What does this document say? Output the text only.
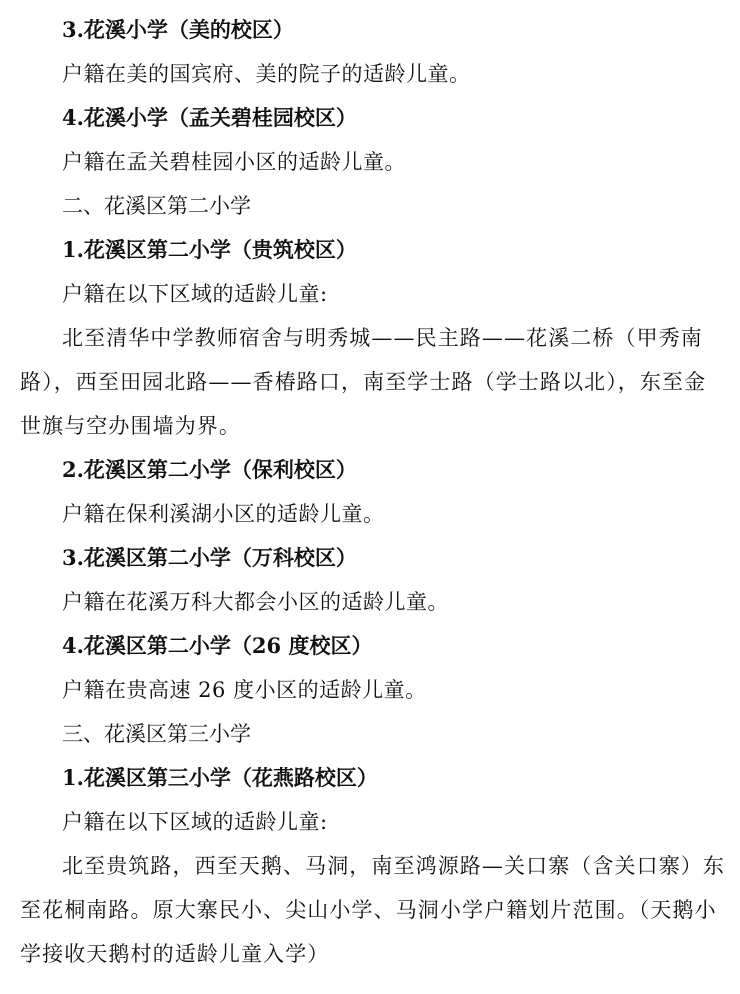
3.花溪小学（美的校区）

户籍在美的国宾府、美的院子的适龄儿童。

4.花溪小学（孟关碧桂园校区）

户籍在孟关碧桂园小区的适龄儿童。

二、花溪区第二小学

1.花溪区第二小学（贵筑校区）

户籍在以下区域的适龄儿童:

北至清华中学教师宿舍与明秀城——民主路——花溪二桥（甲秀南路），西至田园北路——香椿路口，南至学士路（学士路以北），东至金世旗与空办围墙为界。

2.花溪区第二小学（保利校区）

户籍在保利溪湖小区的适龄儿童。

3.花溪区第二小学（万科校区）

户籍在花溪万科大都会小区的适龄儿童。

4.花溪区第二小学（26 度校区）

户籍在贵高速 26 度小区的适龄儿童。

三、花溪区第三小学

1.花溪区第三小学（花燕路校区）

户籍在以下区域的适龄儿童:

北至贵筑路，西至天鹅、马洞，南至鸿源路—关口寨（含关口寨）东至花桐南路。原大寨民小、尖山小学、马洞小学户籍划片范围。（天鹅小学接收天鹅村的适龄儿童入学）
